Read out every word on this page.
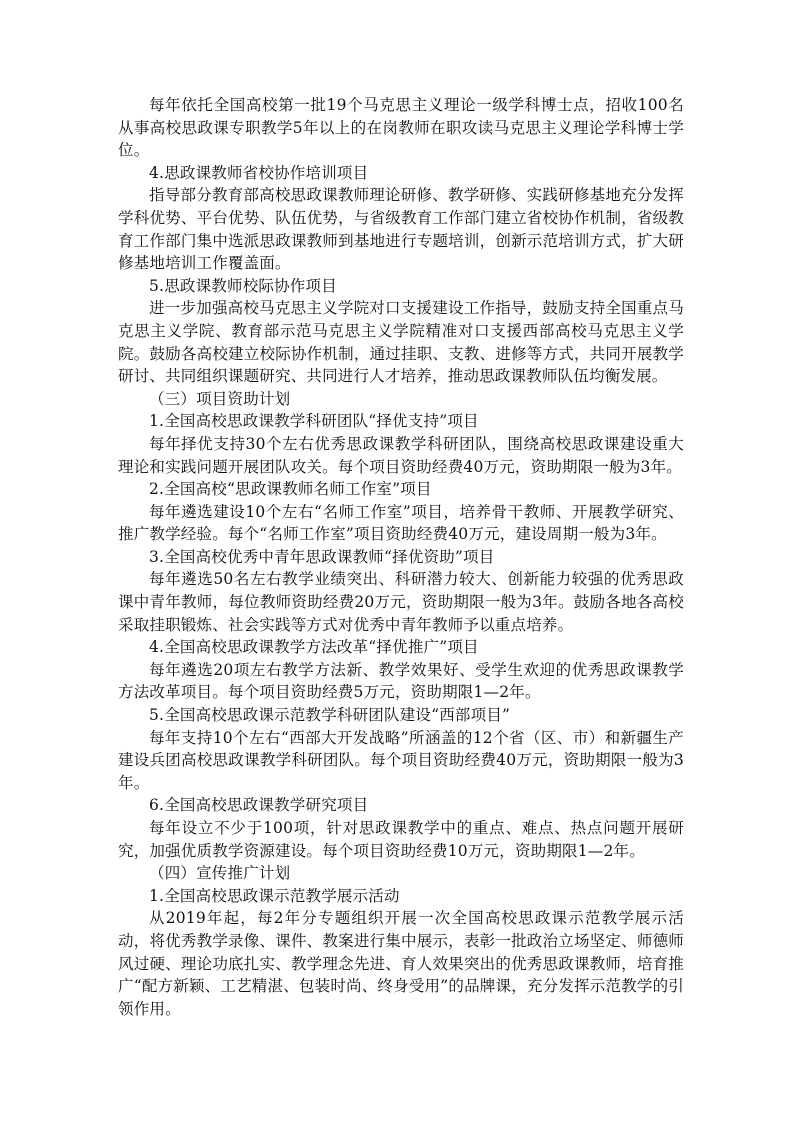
每年依托全国高校第一批19个马克思主义理论一级学科博士点，招收100名从事高校思政课专职教学5年以上的在岗教师在职攻读马克思主义理论学科博士学位。

4.思政课教师省校协作培训项目

指导部分教育部高校思政课教师理论研修、教学研修、实践研修基地充分发挥学科优势、平台优势、队伍优势，与省级教育工作部门建立省校协作机制，省级教育工作部门集中选派思政课教师到基地进行专题培训，创新示范培训方式，扩大研修基地培训工作覆盖面。

5.思政课教师校际协作项目

进一步加强高校马克思主义学院对口支援建设工作指导，鼓励支持全国重点马克思主义学院、教育部示范马克思主义学院精准对口支援西部高校马克思主义学院。鼓励各高校建立校际协作机制，通过挂职、支教、进修等方式，共同开展教学研讨、共同组织课题研究、共同进行人才培养，推动思政课教师队伍均衡发展。

（三）项目资助计划

1.全国高校思政课教学科研团队“择优支持”项目

每年择优支持30个左右优秀思政课教学科研团队，围绕高校思政课建设重大理论和实践问题开展团队攻关。每个项目资助经费40万元，资助期限一般为3年。

2.全国高校“思政课教师名师工作室”项目

每年遴选建设10个左右“名师工作室”项目，培养骨干教师、开展教学研究、推广教学经验。每个“名师工作室”项目资助经费40万元，建设周期一般为3年。

3.全国高校优秀中青年思政课教师“择优资助”项目

每年遴选50名左右教学业绩突出、科研潜力较大、创新能力较强的优秀思政课中青年教师，每位教师资助经费20万元，资助期限一般为3年。鼓励各地各高校采取挂职锻炼、社会实践等方式对优秀中青年教师予以重点培养。

4.全国高校思政课教学方法改革“择优推广”项目

每年遴选20项左右教学方法新、教学效果好、受学生欢迎的优秀思政课教学方法改革项目。每个项目资助经费5万元，资助期限1—2年。

5.全国高校思政课示范教学科研团队建设“西部项目”

每年支持10个左右“西部大开发战略”所涵盖的12个省（区、市）和新疆生产建设兵团高校思政课教学科研团队。每个项目资助经费40万元，资助期限一般为3年。

6.全国高校思政课教学研究项目

每年设立不少于100项，针对思政课教学中的重点、难点、热点问题开展研究，加强优质教学资源建设。每个项目资助经费10万元，资助期限1—2年。

（四）宣传推广计划

1.全国高校思政课示范教学展示活动

从2019年起，每2年分专题组织开展一次全国高校思政课示范教学展示活动，将优秀教学录像、课件、教案进行集中展示，表彰一批政治立场坚定、师德师风过硬、理论功底扎实、教学理念先进、育人效果突出的优秀思政课教师，培育推广“配方新颖、工艺精湛、包装时尚、终身受用”的品牌课，充分发挥示范教学的引领作用。
